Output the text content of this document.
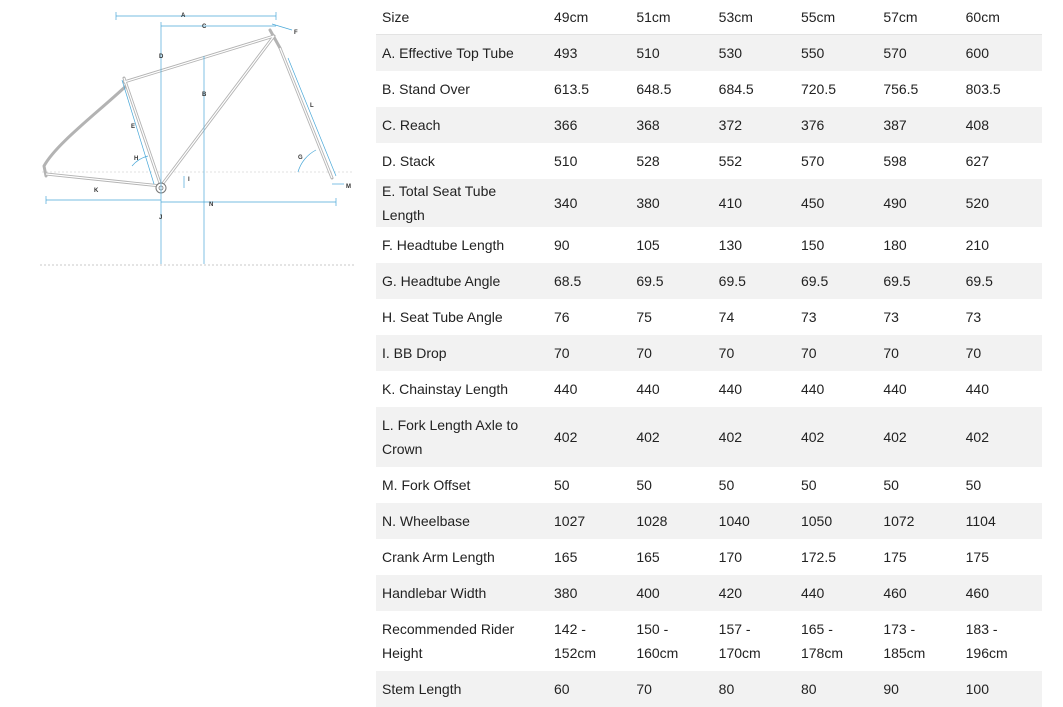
A
C
D
B
E
F
L
H	G
I
K
M
N
J
Size	49cm	51cm	53cm	55cm	57cm	60cm
A. Effective Top Tube	493	510	530	550	570	600
B. Stand Over	613.5	648.5	684.5	720.5	756.5	803.5
C. Reach	366	368	372	376	387	408
D. Stack	510	528	552	570	598	627
E. Total Seat Tube Length	340	380	410	450	490	520
F. Headtube Length	90	105	130	150	180	210
G. Headtube Angle	68.5	69.5	69.5	69.5	69.5	69.5
H. Seat Tube Angle	76	75	74	73	73	73
I. BB Drop	70	70	70	70	70	70
K. Chainstay Length	440	440	440	440	440	440
L. Fork Length Axle to Crown	402	402	402	402	402	402
M. Fork Offset	50	50	50	50	50	50
N. Wheelbase	1027	1028	1040	1050	1072	1104
Crank Arm Length	165	165	170	172.5	175	175
Handlebar Width	380	400	420	440	460	460
Recommended Rider Height	142 - 152cm	150 - 160cm	157 - 170cm	165 - 178cm	173 - 185cm	183 - 196cm
Stem Length	60	70	80	80	90	100
